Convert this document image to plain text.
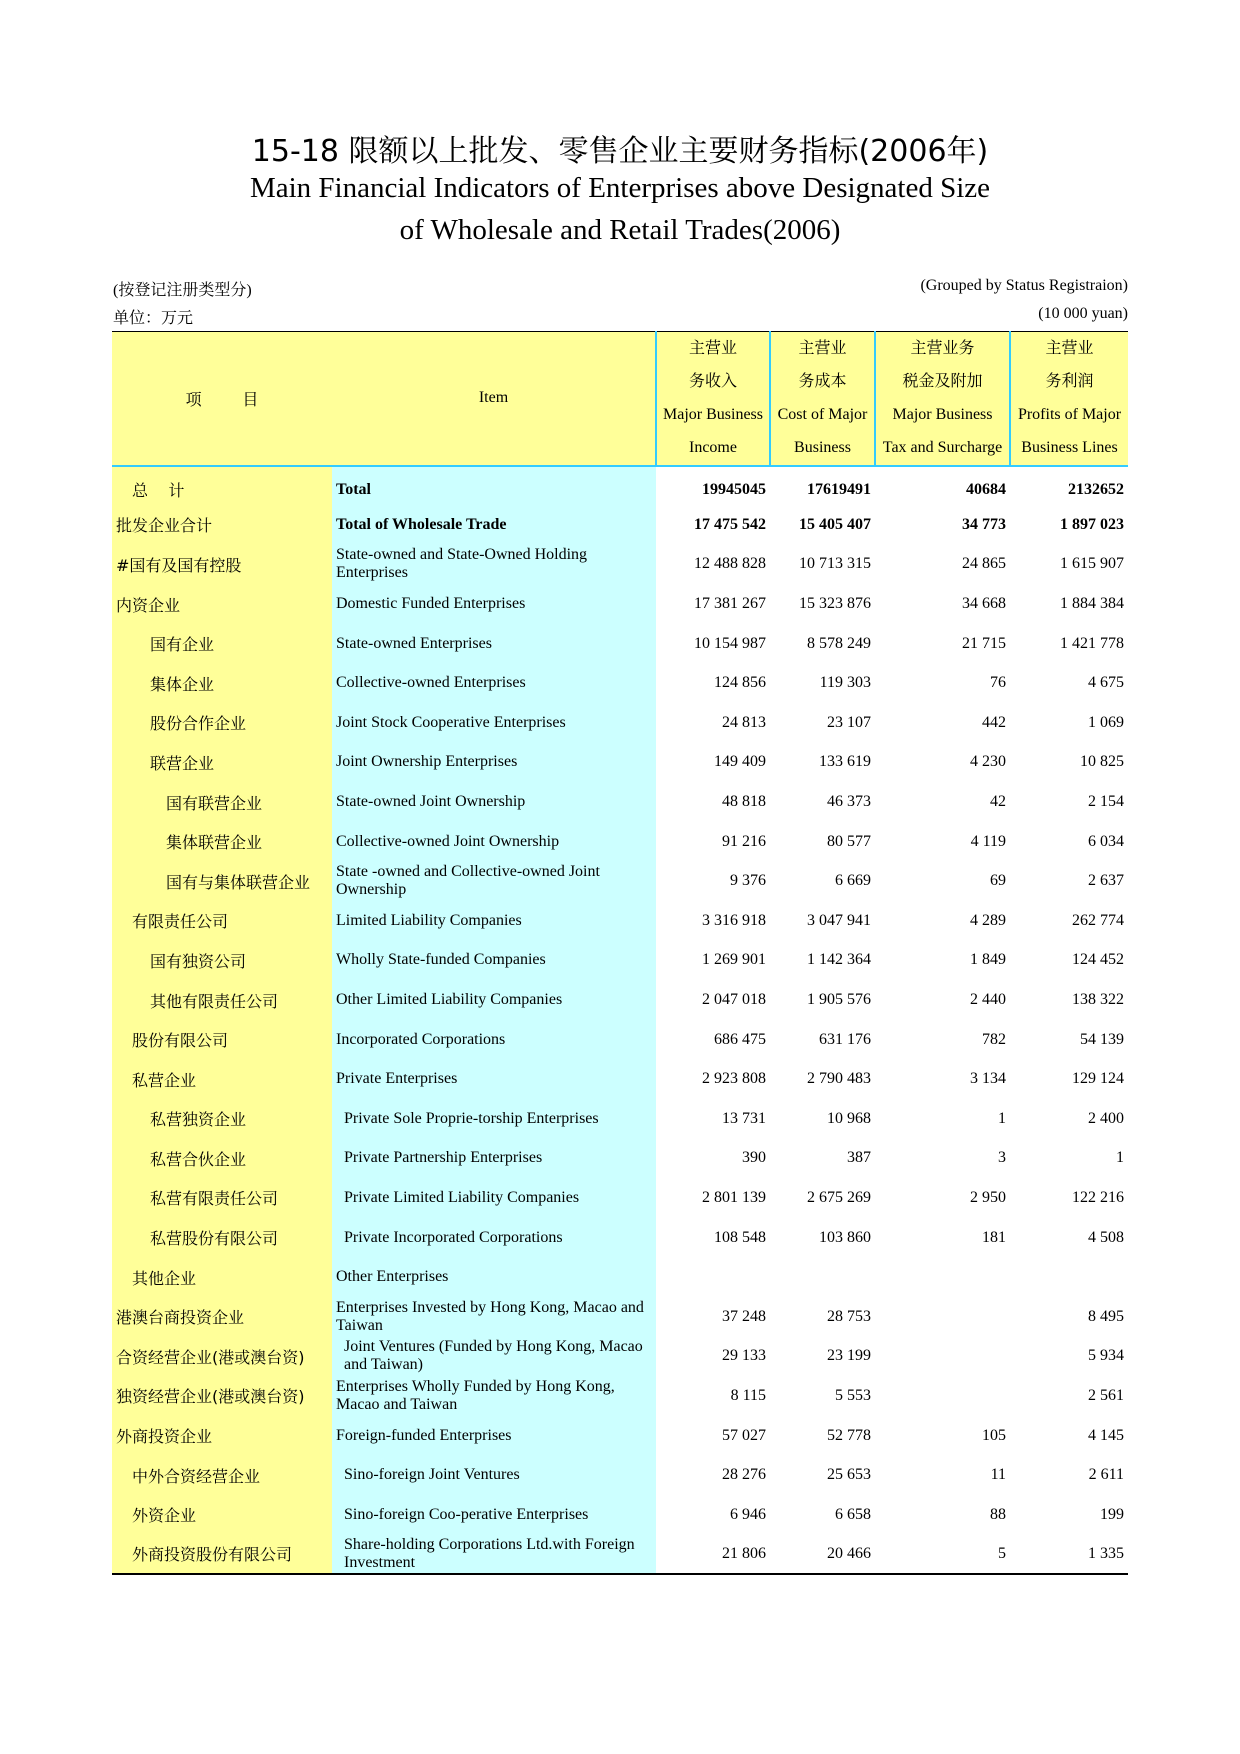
15-18 限额以上批发、零售企业主要财务指标(2006年)
Main Financial Indicators of Enterprises above Designated Size
of Wholesale and Retail Trades(2006)
(按登记注册类型分)	(Grouped by Status Registraion)
单位：万元	(10 000 yuan)
项        目	Item	主营业
务收入
Major Business
Income	主营业
务成本
Cost of Major
Business	主营业务
税金及附加
Major Business
Tax and Surcharge	主营业
务利润
Profits of Major
Business Lines

总    计	Total	19945045	17619491	40684	2132652
批发企业合计	Total of Wholesale Trade	17 475 542	15 405 407	34 773	1 897 023
#国有及国有控股	State-owned and State-Owned Holding Enterprises	12 488 828	10 713 315	24 865	1 615 907
内资企业	Domestic Funded Enterprises	17 381 267	15 323 876	34 668	1 884 384
国有企业	State-owned Enterprises	10 154 987	8 578 249	21 715	1 421 778
集体企业	Collective-owned Enterprises	124 856	119 303	76	4 675
股份合作企业	Joint Stock Cooperative Enterprises	24 813	23 107	442	1 069
联营企业	Joint Ownership Enterprises	149 409	133 619	4 230	10 825
国有联营企业	State-owned Joint Ownership	48 818	46 373	42	2 154
集体联营企业	Collective-owned Joint Ownership	91 216	80 577	4 119	6 034
国有与集体联营企业	State -owned and Collective-owned Joint Ownership	9 376	6 669	69	2 637
有限责任公司	Limited Liability Companies	3 316 918	3 047 941	4 289	262 774
国有独资公司	Wholly State-funded Companies	1 269 901	1 142 364	1 849	124 452
其他有限责任公司	Other Limited Liability Companies	2 047 018	1 905 576	2 440	138 322
股份有限公司	Incorporated Corporations	686 475	631 176	782	54 139
私营企业	Private Enterprises	2 923 808	2 790 483	3 134	129 124
私营独资企业	Private Sole Proprie-torship Enterprises	13 731	10 968	1	2 400
私营合伙企业	Private Partnership Enterprises	390	387	3	1
私营有限责任公司	Private Limited Liability Companies	2 801 139	2 675 269	2 950	122 216
私营股份有限公司	Private Incorporated Corporations	108 548	103 860	181	4 508
其他企业	Other Enterprises				
港澳台商投资企业	Enterprises Invested by Hong Kong, Macao and Taiwan	37 248	28 753		8 495
合资经营企业(港或澳台资)	Joint Ventures (Funded by Hong Kong, Macao and Taiwan)	29 133	23 199		5 934
独资经营企业(港或澳台资)	Enterprises Wholly Funded by Hong Kong, Macao and Taiwan	8 115	5 553		2 561
外商投资企业	Foreign-funded Enterprises	57 027	52 778	105	4 145
中外合资经营企业	Sino-foreign Joint Ventures	28 276	25 653	11	2 611
外资企业	Sino-foreign Coo-perative Enterprises	6 946	6 658	88	199
外商投资股份有限公司	Share-holding Corporations Ltd.with Foreign Investment	21 806	20 466	5	1 335
